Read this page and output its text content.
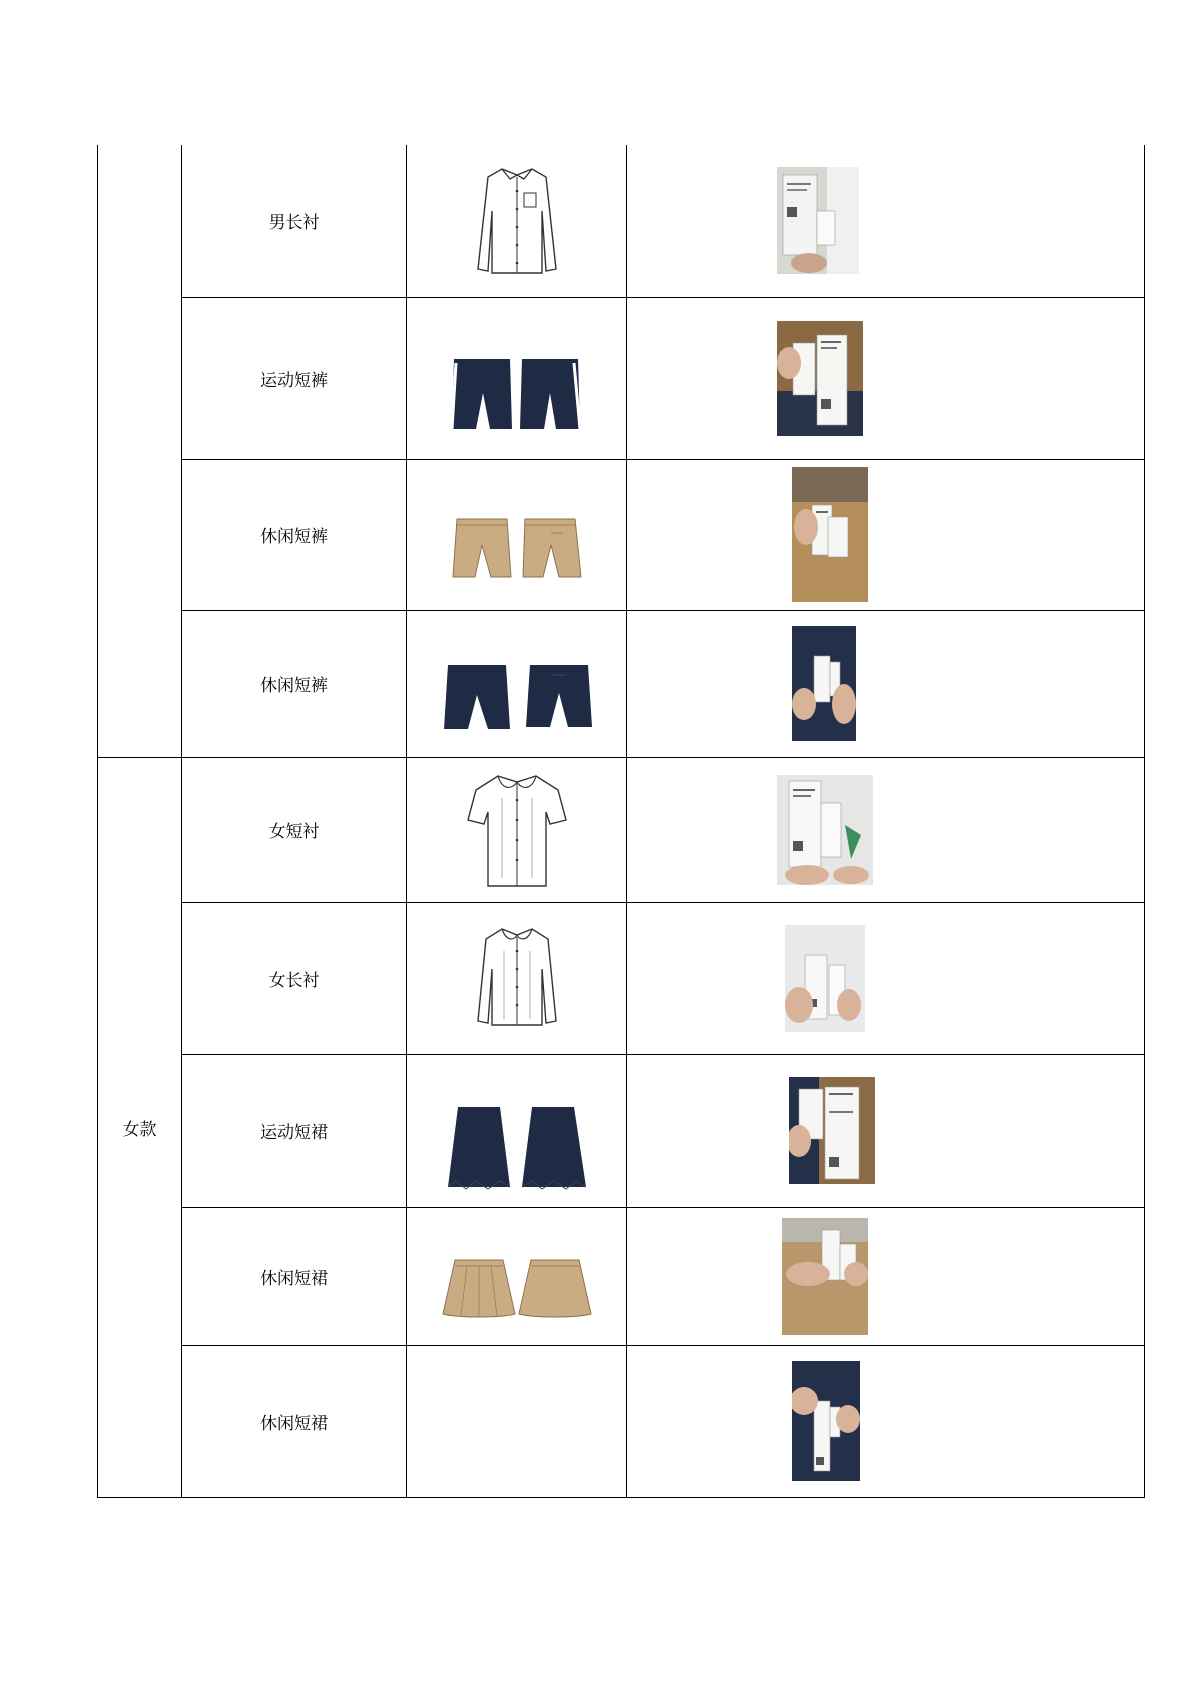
	男长衬	

	运动短裤	

	休闲短裤	

	休闲短裤	

女款	女短衬	

	女长衬	

	运动短裙	

	休闲短裙	

	休闲短裙		
